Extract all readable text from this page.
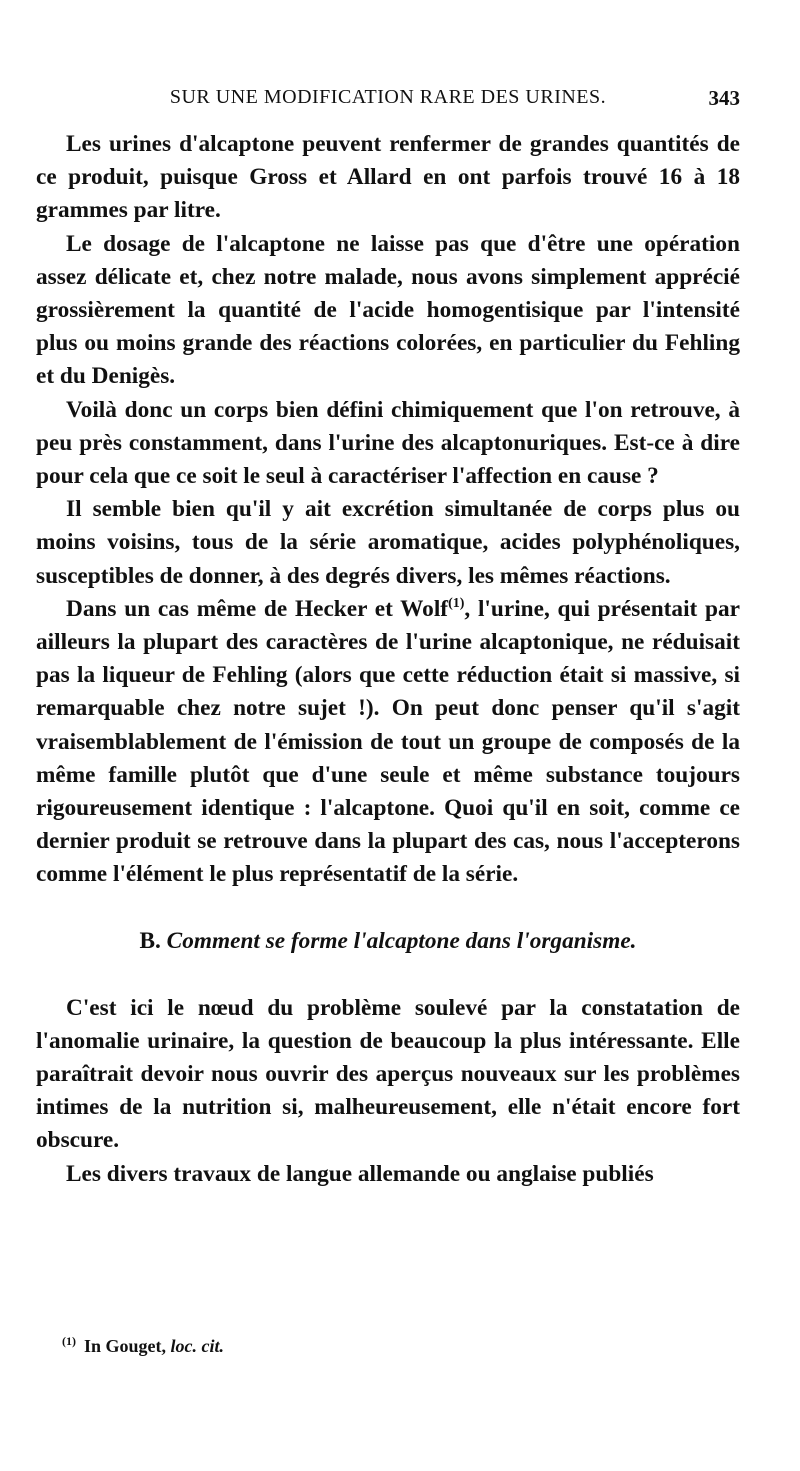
SUR UNE MODIFICATION RARE DES URINES.	343

Les urines d'alcaptone peuvent renfermer de grandes quantités de ce produit, puisque Gross et Allard en ont parfois trouvé 16 à 18 grammes par litre.

Le dosage de l'alcaptone ne laisse pas que d'être une opération assez délicate et, chez notre malade, nous avons simplement apprécié grossièrement la quantité de l'acide homogentisique par l'intensité plus ou moins grande des réactions colorées, en particulier du Fehling et du Denigès.

Voilà donc un corps bien défini chimiquement que l'on retrouve, à peu près constamment, dans l'urine des alcaptonuriques. Est-ce à dire pour cela que ce soit le seul à caractériser l'affection en cause ?

Il semble bien qu'il y ait excrétion simultanée de corps plus ou moins voisins, tous de la série aromatique, acides polyphénoliques, susceptibles de donner, à des degrés divers, les mêmes réactions.

Dans un cas même de Hecker et Wolf$^{(1)}$, l'urine, qui présentait par ailleurs la plupart des caractères de l'urine alcaptonique, ne réduisait pas la liqueur de Fehling (alors que cette réduction était si massive, si remarquable chez notre sujet !). On peut donc penser qu'il s'agit vraisemblablement de l'émission de tout un groupe de composés de la même famille plutôt que d'une seule et même substance toujours rigoureusement identique : l'alcaptone. Quoi qu'il en soit, comme ce dernier produit se retrouve dans la plupart des cas, nous l'accepterons comme l'élément le plus représentatif de la série.

B. Comment se forme l'alcaptone dans l'organisme.

C'est ici le nœud du problème soulevé par la constatation de l'anomalie urinaire, la question de beaucoup la plus intéressante. Elle paraîtrait devoir nous ouvrir des aperçus nouveaux sur les problèmes intimes de la nutrition si, malheureusement, elle n'était encore fort obscure.

Les divers travaux de langue allemande ou anglaise publiés

$^{(1)}$ In Gouget, loc. cit.
